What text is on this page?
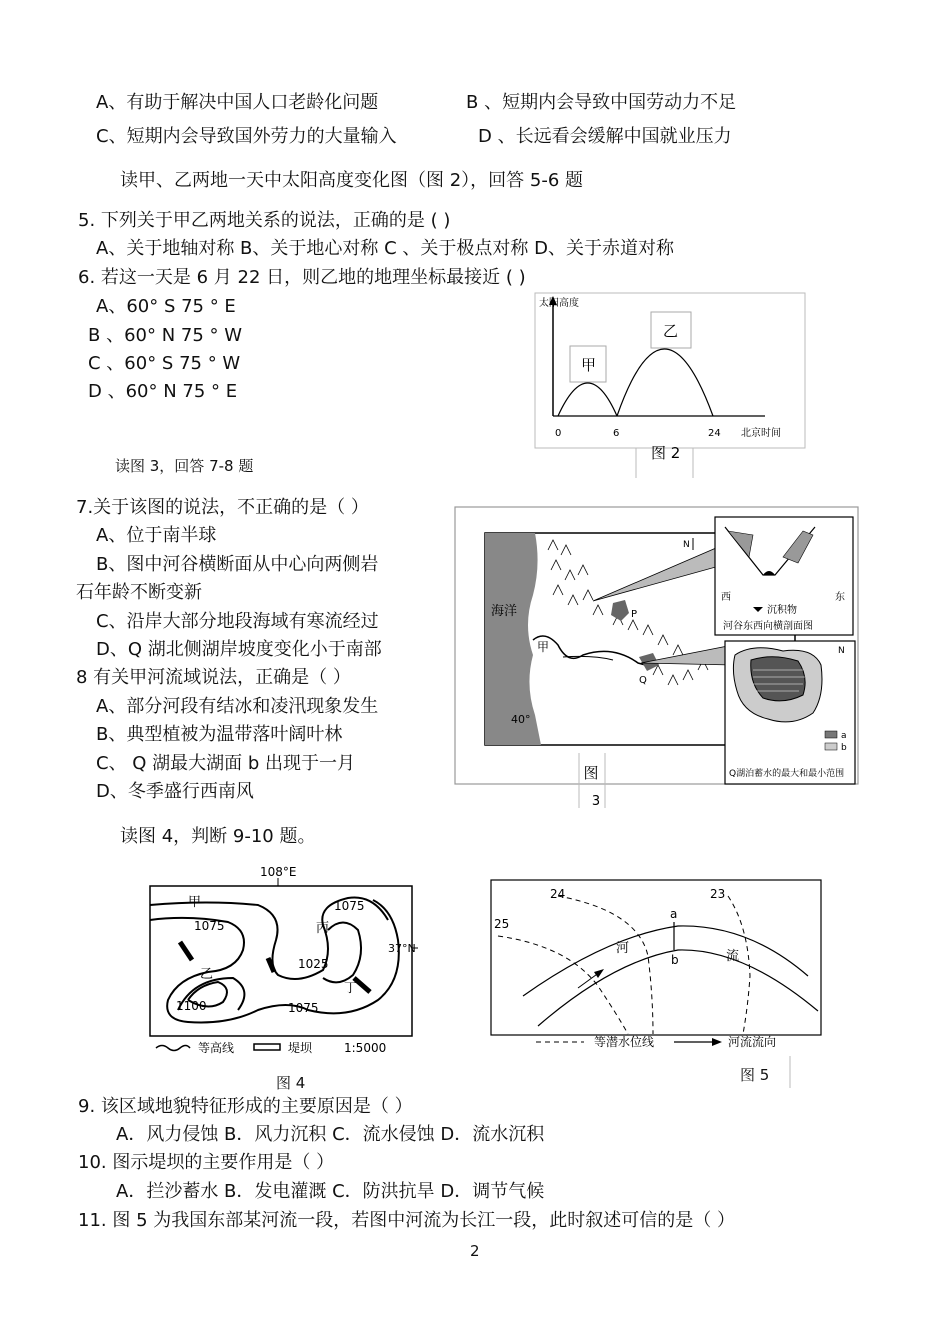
A、有助于解决中国人口老龄化问题	B 、短期内会导致中国劳动力不足
C、短期内会导致国外劳力的大量输入	D 、长远看会缓解中国就业压力
读甲、乙两地一天中太阳高度变化图（图 2），回答 5-6 题
5. 下列关于甲乙两地关系的说法，正确的是 ( )
A、关于地轴对称 B、关于地心对称 C 、关于极点对称 D、关于赤道对称
6. 若这一天是 6 月 22 日，则乙地的地理坐标最接近 ( )
A、60° S 75 ° E
B 、60° N 75 ° W
C 、60° S 75 ° W
D 、60° N 75 ° E
太阳高度
甲
乙
0	6	24 北京时间
图 2
读图 3，回答 7-8 题
7.关于该图的说法，不正确的是（ ）
A、位于南半球
B、图中河谷横断面从中心向两侧岩
石年龄不断变新
C、沿岸大部分地段海域有寒流经过
D、Q 湖北侧湖岸坡度变化小于南部
8 有关甲河流域说法，正确是（ ）
A、部分河段有结冰和凌汛现象发生
B、典型植被为温带落叶阔叶林
C、 Q 湖最大湖面 b 出现于一月
D、冬季盛行西南风
海洋
甲
40°
P
Q
N
西	东
沉积物
河谷东西向横剖面图
N
a
b
Q湖泊蓄水的最大和最小范围
图
3
读图 4，判断 9-10 题。
108°E
37°N
甲
丙
丁
乙
1075
1075
1025
1100	1075
等高线	堤坝	1:5000
图 4
a
b
24	23
25
河
流
等潜水位线	河流流向
图 5
9. 该区域地貌特征形成的主要原因是（ ）
A．风力侵蚀 B．风力沉积 C．流水侵蚀 D．流水沉积
10. 图示堤坝的主要作用是（ ）
A．拦沙蓄水 B．发电灌溉 C．防洪抗旱 D．调节气候
11. 图 5 为我国东部某河流一段，若图中河流为长江一段，此时叙述可信的是（ ）
2
